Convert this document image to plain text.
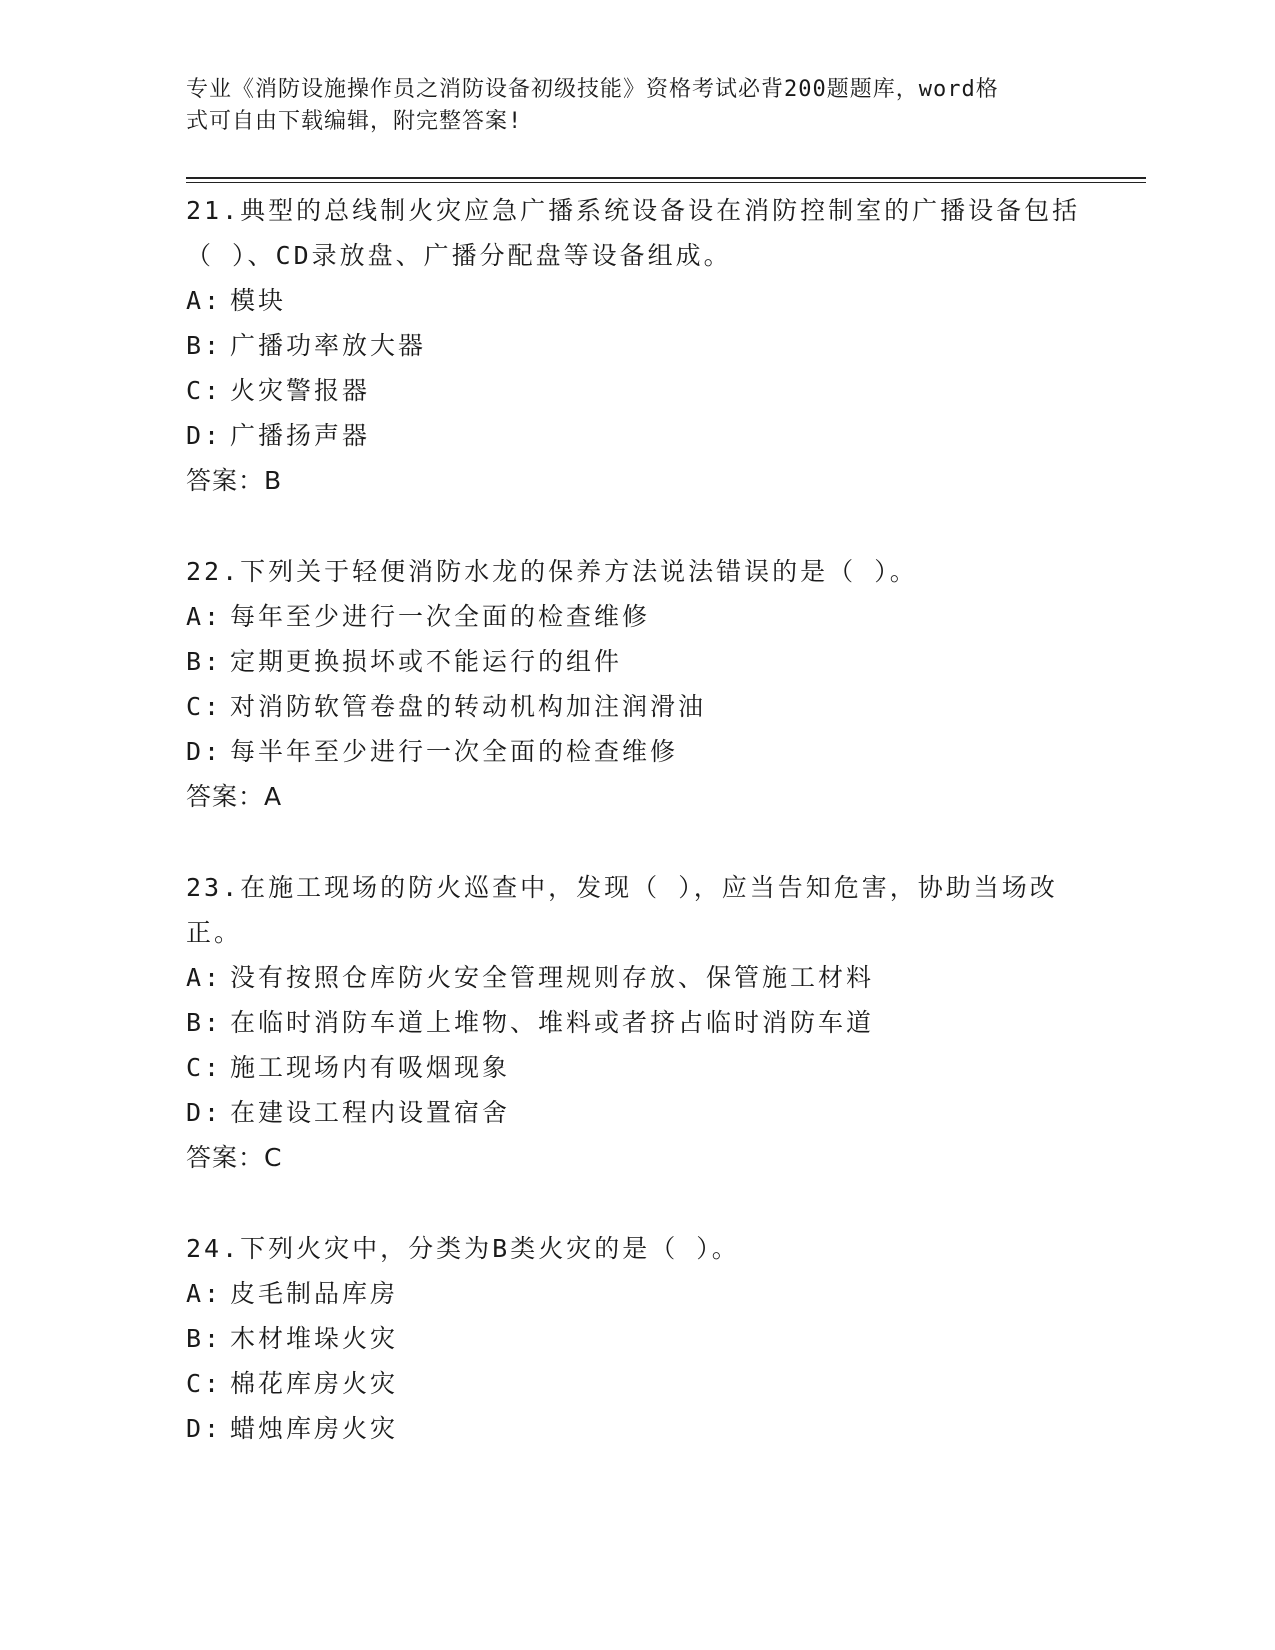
专业《消防设施操作员之消防设备初级技能》资格考试必背200题题库，word格
式可自由下载编辑，附完整答案!
21.典型的总线制火灾应急广播系统设备设在消防控制室的广播设备包括（ ）、CD录放盘、广播分配盘等设备组成。
A: 模块
B: 广播功率放大器
C: 火灾警报器
D: 广播扬声器
答案：B
22.下列关于轻便消防水龙的保养方法说法错误的是（ ）。
A: 每年至少进行一次全面的检查维修
B: 定期更换损坏或不能运行的组件
C: 对消防软管卷盘的转动机构加注润滑油
D: 每半年至少进行一次全面的检查维修
答案：A
23.在施工现场的防火巡查中，发现（ ），应当告知危害，协助当场改正。
A: 没有按照仓库防火安全管理规则存放、保管施工材料
B: 在临时消防车道上堆物、堆料或者挤占临时消防车道
C: 施工现场内有吸烟现象
D: 在建设工程内设置宿舍
答案：C
24.下列火灾中，分类为B类火灾的是（ ）。
A: 皮毛制品库房
B: 木材堆垛火灾
C: 棉花库房火灾
D: 蜡烛库房火灾
